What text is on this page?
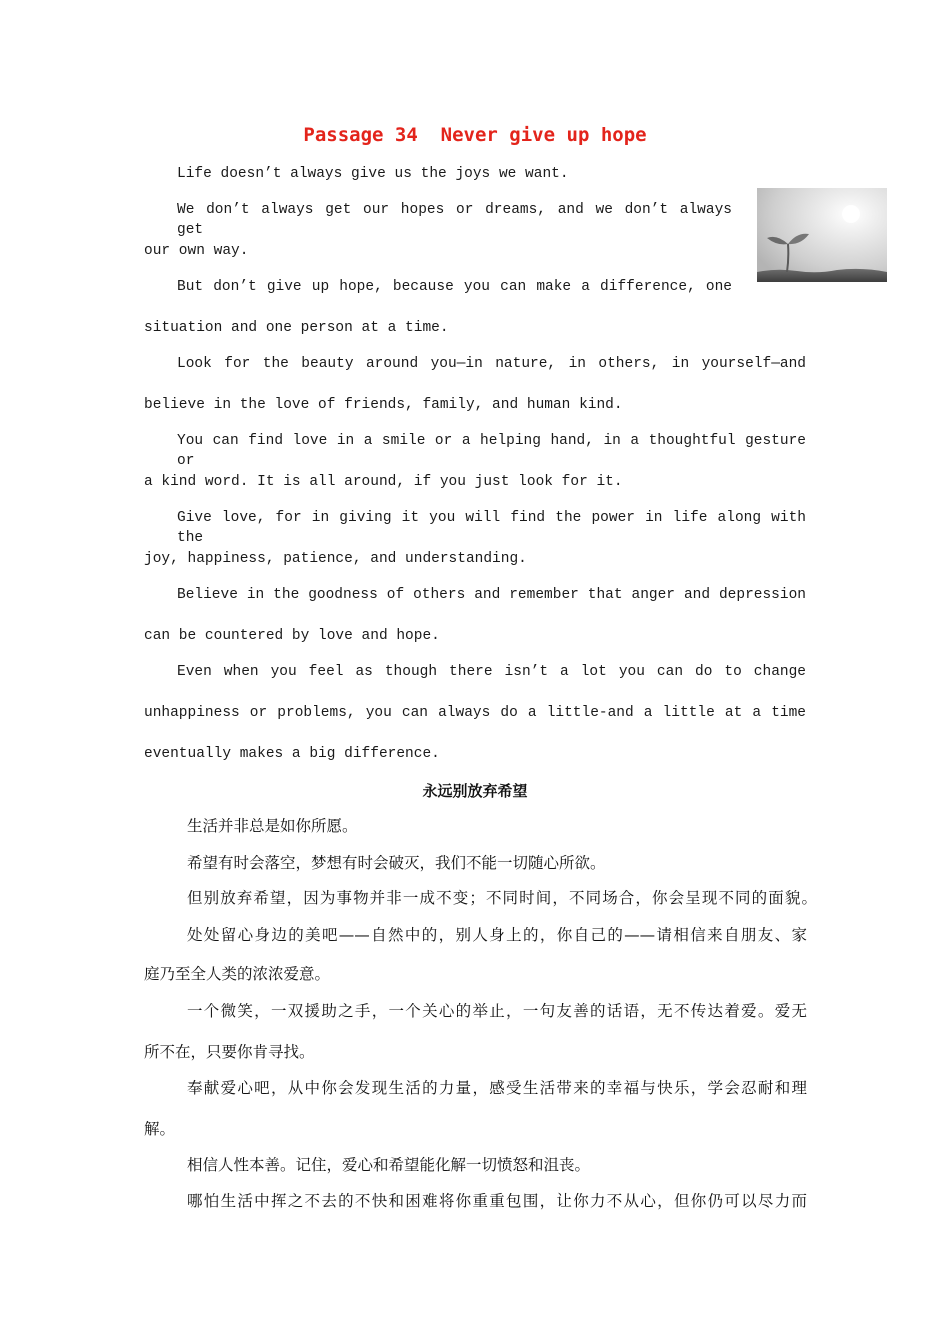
Passage 34  Never give up hope
Life doesn’t always give us the joys we want.
We don’t always get our hopes or dreams, and we don’t always get
our own way.
But don’t give up hope, because you can make a difference, one
situation and one person at a time.
Look for the beauty around you—in nature, in others, in yourself—and
believe in the love of friends, family, and human kind.
You can find love in a smile or a helping hand, in a thoughtful gesture or
a kind word. It is all around, if you just look for it.
Give love, for in giving it you will find the power in life along with the
joy, happiness, patience, and understanding.
Believe in the goodness of others and remember that anger and depression
can be countered by love and hope.
Even when you feel as though there isn’t a lot you can do to change
unhappiness or problems, you can always do a little-and a little at a time
eventually makes a big difference.
永远别放弃希望
生活并非总是如你所愿。
希望有时会落空，梦想有时会破灭，我们不能一切随心所欲。
但别放弃希望，因为事物并非一成不变；不同时间，不同场合，你会呈现不同的面貌。
处处留心身边的美吧——自然中的，别人身上的，你自己的——请相信来自朋友、家
庭乃至全人类的浓浓爱意。
一个微笑，一双援助之手，一个关心的举止，一句友善的话语，无不传达着爱。爱无
所不在，只要你肯寻找。
奉献爱心吧，从中你会发现生活的力量，感受生活带来的幸福与快乐，学会忍耐和理
解。
相信人性本善。记住，爱心和希望能化解一切愤怒和沮丧。
哪怕生活中挥之不去的不快和困难将你重重包围，让你力不从心，但你仍可以尽力而
